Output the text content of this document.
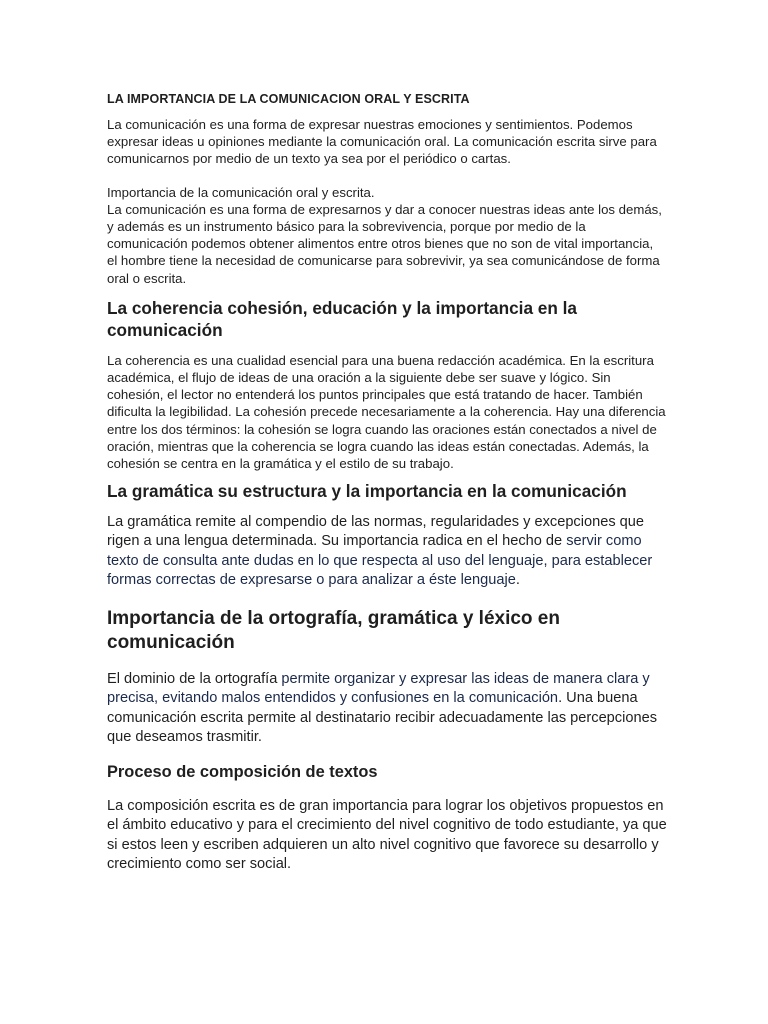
LA IMPORTANCIA DE LA COMUNICACION ORAL Y ESCRITA

La comunicación es una forma de expresar nuestras emociones y sentimientos. Podemos expresar ideas u opiniones mediante la comunicación oral. La comunicación escrita sirve para comunicarnos por medio de un texto ya sea por el periódico o cartas.

Importancia de la comunicación oral y escrita.

La comunicación es una forma de expresarnos y dar a conocer nuestras ideas ante los demás, y además es un instrumento básico para la sobrevivencia, porque por medio de la comunicación podemos obtener alimentos entre otros bienes que no son de vital importancia, el hombre tiene la necesidad de comunicarse para sobrevivir, ya sea comunicándose de forma oral o escrita.

La coherencia cohesión, educación y la importancia en la comunicación

La coherencia es una cualidad esencial para una buena redacción académica. En la escritura académica, el flujo de ideas de una oración a la siguiente debe ser suave y lógico. Sin cohesión, el lector no entenderá los puntos principales que está tratando de hacer. También dificulta la legibilidad. La cohesión precede necesariamente a la coherencia. Hay una diferencia entre los dos términos: la cohesión se logra cuando las oraciones están conectados a nivel de oración, mientras que la coherencia se logra cuando las ideas están conectadas. Además, la cohesión se centra en la gramática y el estilo de su trabajo.

La gramática su estructura y la importancia en la comunicación

La gramática remite al compendio de las normas, regularidades y excepciones que rigen a una lengua determinada. Su importancia radica en el hecho de servir como texto de consulta ante dudas en lo que respecta al uso del lenguaje, para establecer formas correctas de expresarse o para analizar a éste lenguaje.

Importancia de la ortografía, gramática y léxico en comunicación

El dominio de la ortografía permite organizar y expresar las ideas de manera clara y precisa, evitando malos entendidos y confusiones en la comunicación. Una buena comunicación escrita permite al destinatario recibir adecuadamente las percepciones que deseamos trasmitir.

Proceso de composición de textos

La composición escrita es de gran importancia para lograr los objetivos propuestos en el ámbito educativo y para el crecimiento del nivel cognitivo de todo estudiante, ya que si estos leen y escriben adquieren un alto nivel cognitivo que favorece su desarrollo y crecimiento como ser social.
